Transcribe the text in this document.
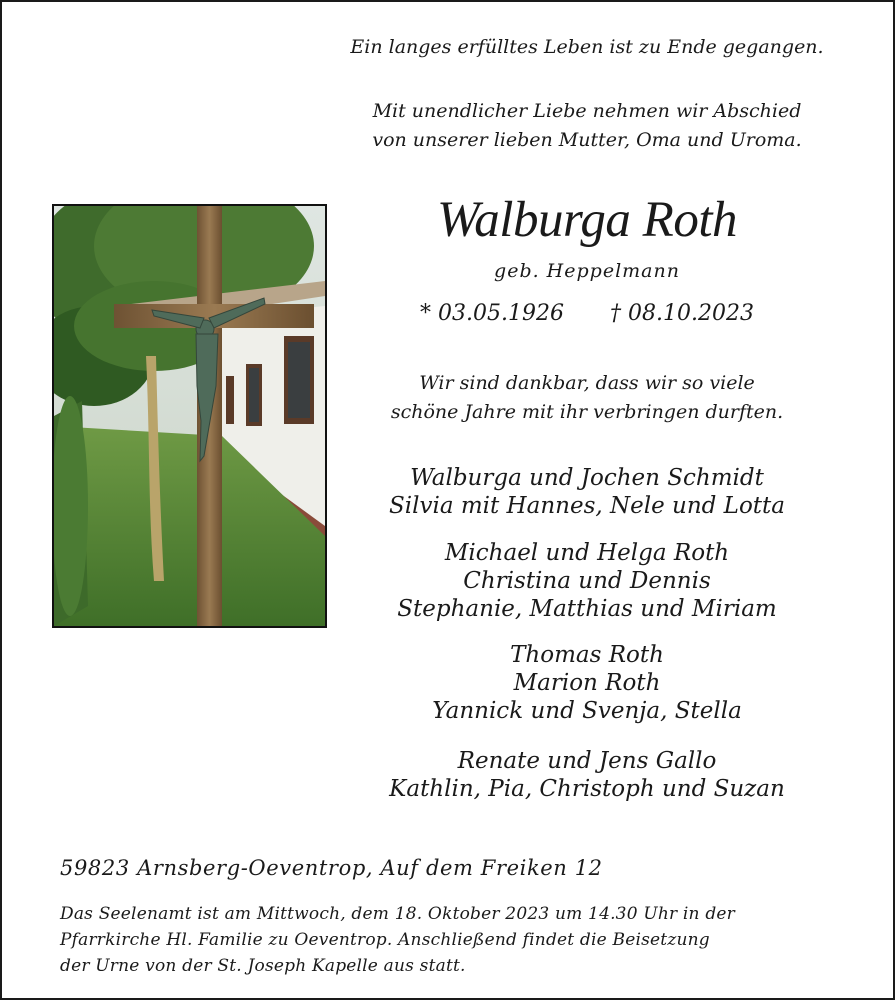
Ein langes erfülltes Leben ist zu Ende gegangen.
Mit unendlicher Liebe nehmen wir Abschied
von unserer lieben Mutter, Oma und Uroma.
Walburga Roth
geb. Heppelmann
* 03.05.1926 † 08.10.2023
Wir sind dankbar, dass wir so viele
schöne Jahre mit ihr verbringen durften.
Walburga und Jochen Schmidt
Silvia mit Hannes, Nele und Lotta
Michael und Helga Roth
Christina und Dennis
Stephanie, Matthias und Miriam
Thomas Roth
Marion Roth
Yannick und Svenja, Stella
Renate und Jens Gallo
Kathlin, Pia, Christoph und Suzan
59823 Arnsberg-Oeventrop, Auf dem Freiken 12
Das Seelenamt ist am Mittwoch, dem 18. Oktober 2023 um 14.30 Uhr in der
Pfarrkirche Hl. Familie zu Oeventrop. Anschließend findet die Beisetzung
der Urne von der St. Joseph Kapelle aus statt.
